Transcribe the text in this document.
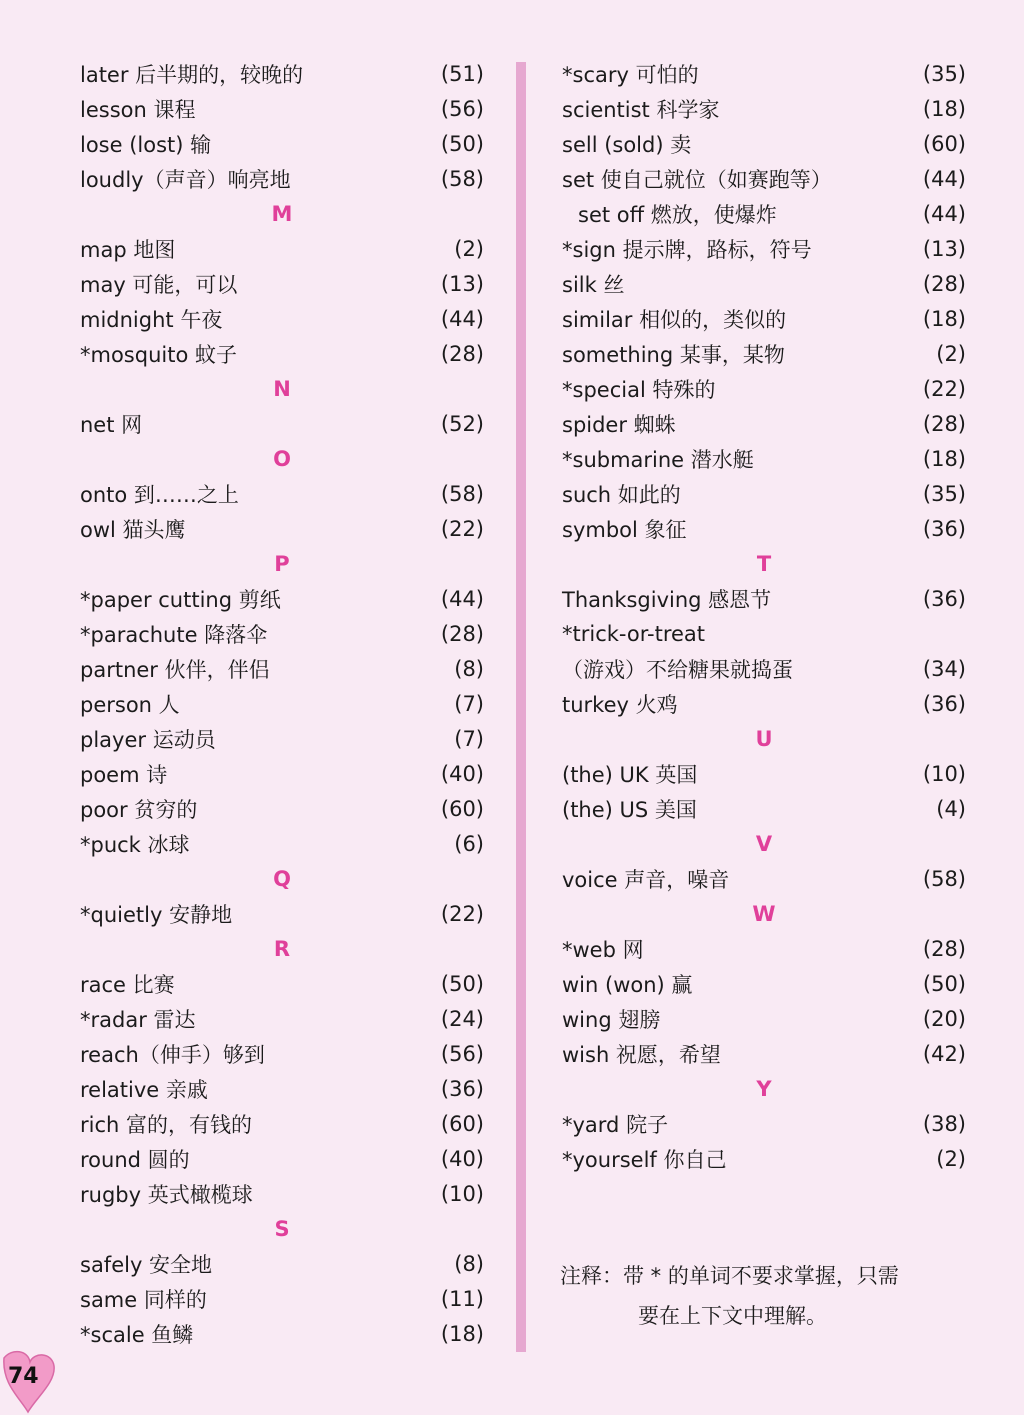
later 后半期的，较晚的	(51)
lesson 课程	(56)
lose (lost) 输	(50)
loudly（声音）响亮地	(58)
M
map 地图	(2)
may 可能，可以	(13)
midnight 午夜	(44)
*mosquito 蚊子	(28)
N
net 网	(52)
O
onto 到……之上	(58)
owl 猫头鹰	(22)
P
*paper cutting 剪纸	(44)
*parachute 降落伞	(28)
partner 伙伴，伴侣	(8)
person 人	(7)
player 运动员	(7)
poem 诗	(40)
poor 贫穷的	(60)
*puck 冰球	(6)
Q
*quietly 安静地	(22)
R
race 比赛	(50)
*radar 雷达	(24)
reach（伸手）够到	(56)
relative 亲戚	(36)
rich 富的，有钱的	(60)
round 圆的	(40)
rugby 英式橄榄球	(10)
S
safely 安全地	(8)
same 同样的	(11)
*scale 鱼鳞	(18)
*scary 可怕的	(35)
scientist 科学家	(18)
sell (sold) 卖	(60)
set 使自己就位（如赛跑等）	(44)
set off 燃放，使爆炸	(44)
*sign 提示牌，路标，符号	(13)
silk 丝	(28)
similar 相似的，类似的	(18)
something 某事，某物	(2)
*special 特殊的	(22)
spider 蜘蛛	(28)
*submarine 潜水艇	(18)
such 如此的	(35)
symbol 象征	(36)
T
Thanksgiving 感恩节	(36)
*trick-or-treat
（游戏）不给糖果就捣蛋	(34)
turkey 火鸡	(36)
U
(the) UK 英国	(10)
(the) US 美国	(4)
V
voice 声音，噪音	(58)
W
*web 网	(28)
win (won) 赢	(50)
wing 翅膀	(20)
wish 祝愿，希望	(42)
Y
*yard 院子	(38)
*yourself 你自己	(2)
注释：带 * 的单词不要求掌握，只需
要在上下文中理解。
74
